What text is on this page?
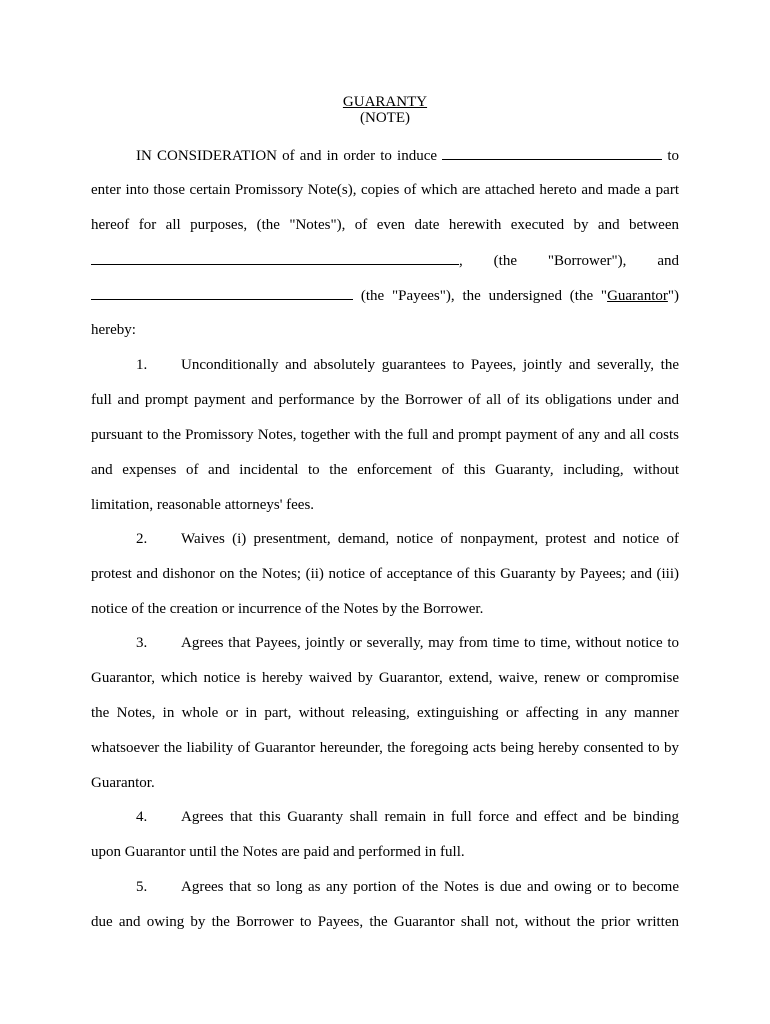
GUARANTY
(NOTE)
IN CONSIDERATION of and in order to induce	to
enter into those certain Promissory Note(s), copies of which are attached hereto and made a part
hereof for all purposes, (the "Notes"), of even date herewith executed by and between
, (the "Borrower"), and
(the "Payees"), the undersigned (the "Guarantor")
hereby:
1. Unconditionally and absolutely guarantees to Payees, jointly and severally, the
full and prompt payment and performance by the Borrower of all of its obligations under and
pursuant to the Promissory Notes, together with the full and prompt payment of any and all costs
and expenses of and incidental to the enforcement of this Guaranty, including, without
limitation, reasonable attorneys' fees.
2. Waives (i) presentment, demand, notice of nonpayment, protest and notice of
protest and dishonor on the Notes; (ii) notice of acceptance of this Guaranty by Payees; and (iii)
notice of the creation or incurrence of the Notes by the Borrower.
3. Agrees that Payees, jointly or severally, may from time to time, without notice to
Guarantor, which notice is hereby waived by Guarantor, extend, waive, renew or compromise
the Notes, in whole or in part, without releasing, extinguishing or affecting in any manner
whatsoever the liability of Guarantor hereunder, the foregoing acts being hereby consented to by
Guarantor.
4. Agrees that this Guaranty shall remain in full force and effect and be binding
upon Guarantor until the Notes are paid and performed in full.
5. Agrees that so long as any portion of the Notes is due and owing or to become
due and owing by the Borrower to Payees, the Guarantor shall not, without the prior written
